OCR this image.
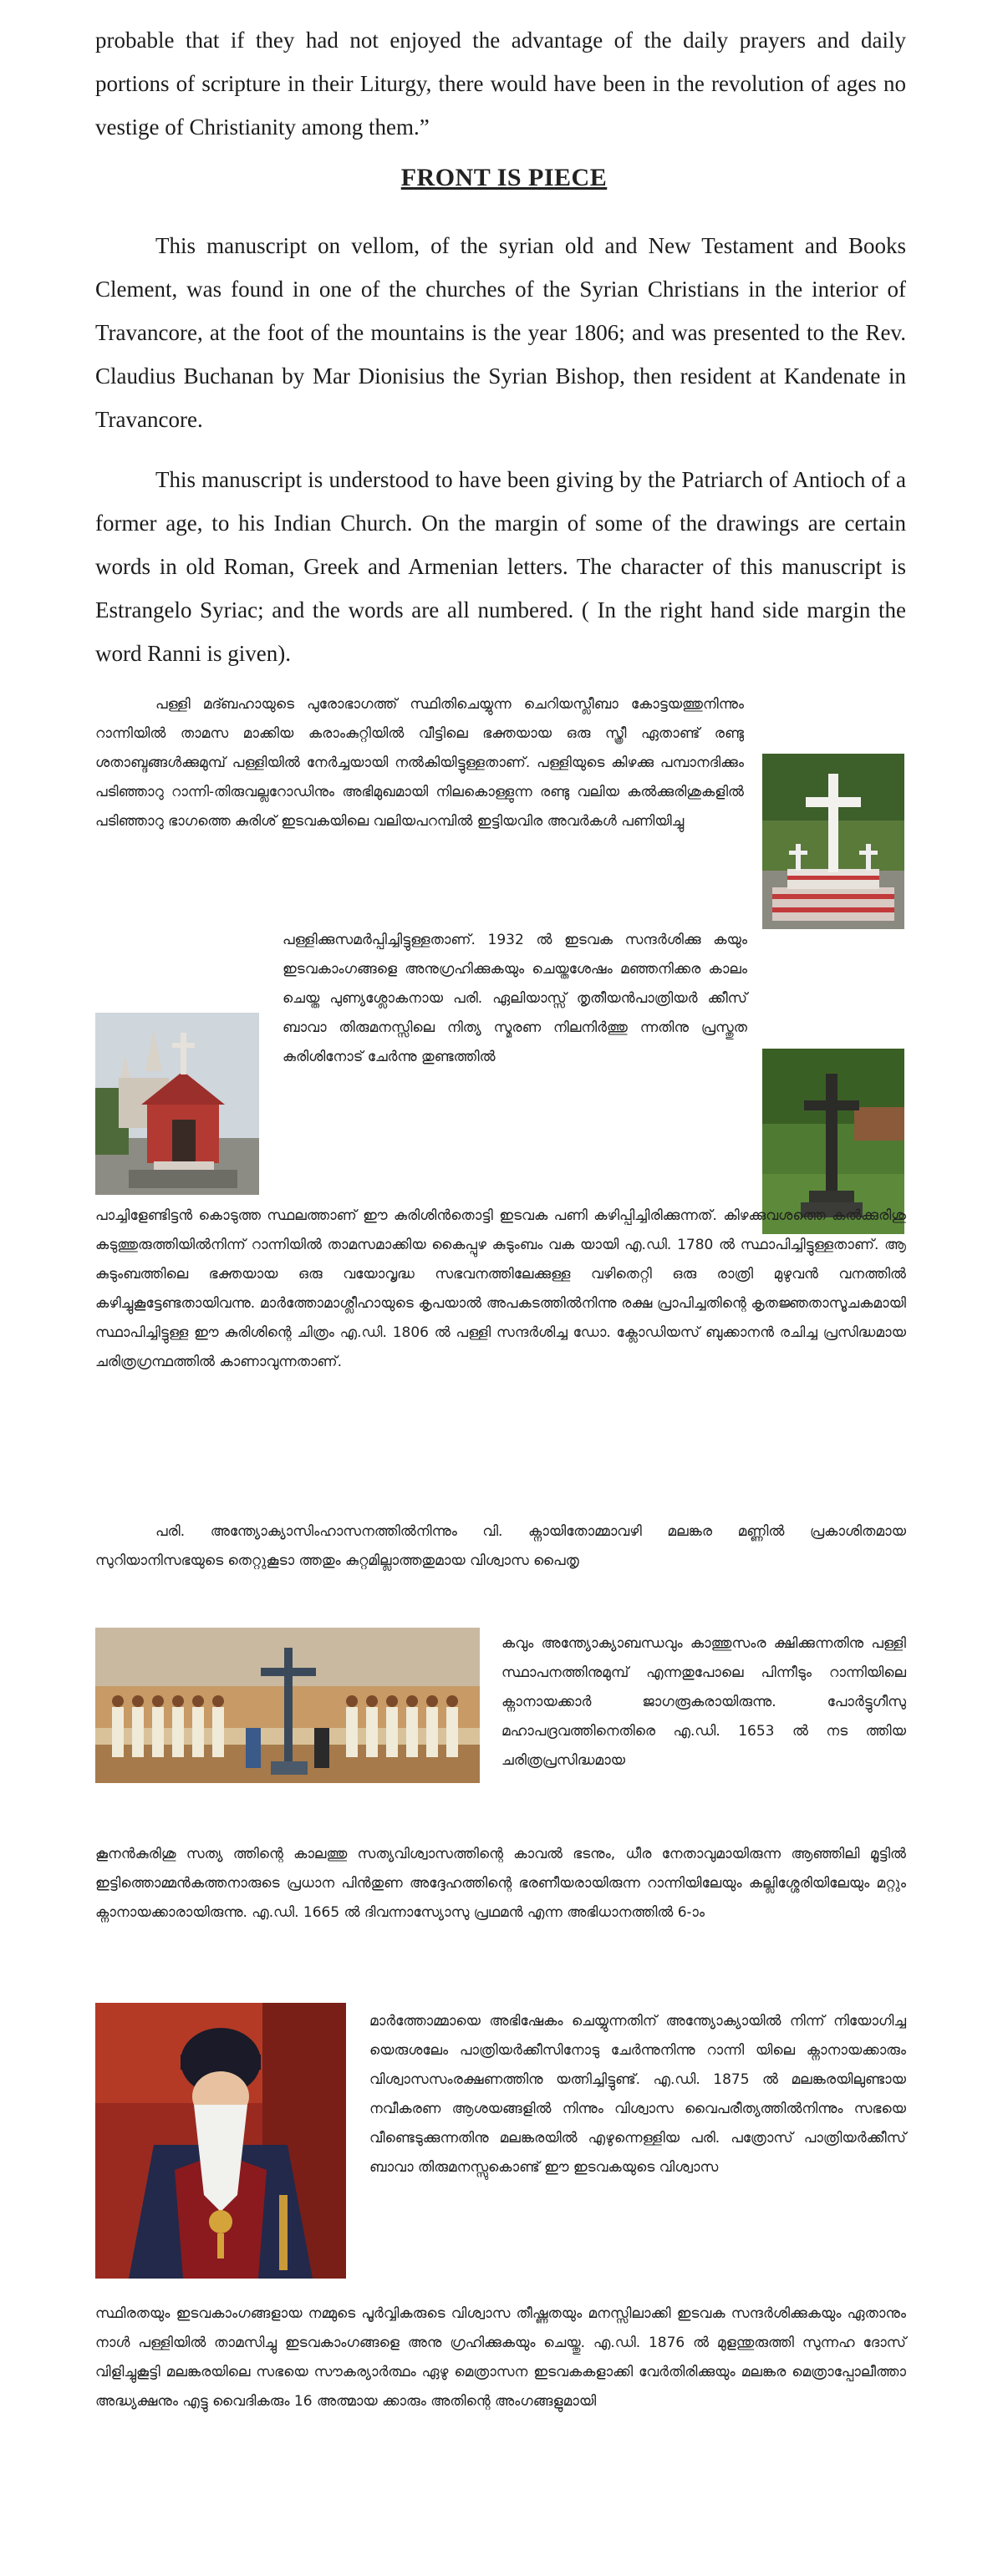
probable that if they had not enjoyed the advantage of the daily prayers and daily portions of scripture in their Liturgy, there would have been in the revolution of ages no vestige of Christianity among them.”

FRONT IS PIECE

This manuscript on vellom, of the syrian old and New Testament and Books Clement, was found in one of the churches of the Syrian Christians in the interior of Travancore, at the foot of the mountains is the year 1806; and was presented to the Rev. Claudius Buchanan by Mar Dionisius the Syrian Bishop, then resident at Kandenate in Travancore.

This manuscript is understood to have been giving by the Patriarch of Antioch of a former age, to his Indian Church. On the margin of some of the drawings are certain words in old Roman, Greek and Armenian letters. The character of this manuscript is Estrangelo Syriac; and the words are all numbered. ( In the right hand side margin the word Ranni is given).

പള്ളി മദ്ബഹായുടെ പുരോഭാഗത്ത് സ്ഥിതിചെയ്യുന്ന ചെറിയസ്ലീബാ കോട്ടയത്തുനിന്നും റാന്നിയിൽ താമസ മാക്കിയ കരാംകുറ്റിയിൽ വീട്ടിലെ ഭക്തയായ ഒരു സ്ത്രീ ഏതാണ്ട് രണ്ടു ശതാബ്ദങ്ങൾക്കുമുമ്പ് പള്ളിയിൽ നേർച്ചയായി നൽകിയിട്ടുള്ളതാണ്. പള്ളിയുടെ കിഴക്കു പമ്പാനദിക്കും പടിഞ്ഞാറു റാന്നി-തിരുവല്ലറോഡിനും അഭിമുഖമായി നിലകൊള്ളുന്ന രണ്ടു വലിയ കൽക്കുരിശുകളിൽ പടിഞ്ഞാറു ഭാഗത്തെ കുരിശ് ഇടവകയിലെ വലിയപറമ്പിൽ ഇട്ടിയവിര അവർകൾ പണിയിച്ചു

പള്ളിക്കുസമർപ്പിച്ചിട്ടുള്ളതാണ്. 1932 ൽ ഇടവക സന്ദർശിക്കു കയും ഇടവകാംഗങ്ങളെ അനുഗ്രഹിക്കുകയും ചെയ്തശേഷം മഞ്ഞനിക്കര കാലം ചെയ്ത പുണ്യശ്ലോകനായ പരി. ഏലിയാസ്സ് തൃതീയൻപാത്രിയർ ക്കീസ് ബാവാ തിരുമനസ്സിലെ നിത്യ സ്മരണ നിലനിർത്തു ന്നതിനു പ്രസ്തുത കുരിശിനോട് ചേർന്നു തുണ്ടത്തിൽ

പാച്ചിളേണ്ടിട്ടൻ കൊടുത്ത സ്ഥലത്താണ് ഈ കുരിശിൻതൊട്ടി ഇടവക പണി കഴിപ്പിച്ചിരിക്കുന്നത്. കിഴക്കുവശത്തെ കൽക്കുരിശു കടുത്തുരുത്തിയിൽനിന്ന് റാന്നിയിൽ താമസമാക്കിയ കൈപ്പുഴ കുടുംബം വക യായി എ.ഡി. 1780 ൽ സ്ഥാപിച്ചിട്ടുള്ളതാണ്. ആ കുടുംബത്തിലെ ഭക്തയായ ഒരു വയോവൃദ്ധ സഭവനത്തിലേക്കുള്ള വഴിതെറ്റി ഒരു രാത്രി മുഴുവൻ വനത്തിൽ കഴിച്ചുകൂട്ടേണ്ടതായിവന്നു. മാർത്തോമാശ്ലീഹായുടെ കൃപയാൽ അപകടത്തിൽനിന്നു രക്ഷ പ്രാപിച്ചതിന്റെ കൃതജ്ഞതാസൂചകമായി സ്ഥാപിച്ചിട്ടുള്ള ഈ കുരിശിന്റെ ചിത്രം എ.ഡി. 1806 ൽ പള്ളി സന്ദർശിച്ച ഡോ. ക്ലോഡിയസ് ബുക്കാനൻ രചിച്ച പ്രസിദ്ധമായ ചരിത്രഗ്രന്ഥത്തിൽ കാണാവുന്നതാണ്.

പരി. അന്ത്യോക്യാസിംഹാസനത്തിൽനിന്നും വി. ക്നായിതോമ്മാവഴി മലങ്കര മണ്ണിൽ പ്രകാശിതമായ സുറിയാനിസഭയുടെ തെറ്റുകൂടാ ത്തതും കുറ്റമില്ലാത്തതുമായ വിശ്വാസ പൈതൃ

കവും അന്ത്യോക്യാബന്ധവും കാത്തുസംര ക്ഷിക്കുന്നതിനു പള്ളി സ്ഥാപനത്തിനുമുമ്പ് എന്നതുപോലെ പിന്നീടും റാന്നിയിലെ ക്നാനായക്കാർ ജാഗരൂകരായിരുന്നു. പോർട്ടുഗീസു മഹാപദ്രവത്തിനെതിരെ എ.ഡി. 1653 ൽ നട ത്തിയ ചരിത്രപ്രസിദ്ധമായ

കൂനൻകുരിശു സത്യ ത്തിന്റെ കാലത്തു സത്യവിശ്വാസത്തിന്റെ കാവൽ ഭടനും, ധീര നേതാവുമായിരുന്ന ആഞ്ഞിലി മൂട്ടിൽ ഇട്ടിത്തൊമ്മൻകത്തനാരുടെ പ്രധാന പിൻതുണ അദ്ദേഹത്തിന്റെ ഭരണീയരായിരുന്ന റാന്നിയിലേയും കല്ലിശ്ശേരിയിലേയും മറ്റും ക്നാനായക്കാരായിരുന്നു. എ.ഡി. 1665 ൽ ദിവന്നാസ്യോസു പ്രഥമൻ എന്ന അഭിധാനത്തിൽ 6-ാം

മാർത്തോമ്മായെ അഭിഷേകം ചെയ്യുന്നതിന് അന്ത്യോക്യായിൽ നിന്ന് നിയോഗിച്ച യെരുശലേം പാത്രിയർക്കീസിനോടു ചേർന്നുനിന്നു റാന്നി യിലെ ക്നാനായക്കാരും വിശ്വാസസംരക്ഷണത്തിനു യത്നിച്ചിട്ടുണ്ട്. എ.ഡി. 1875 ൽ മലങ്കരയിലുണ്ടായ നവീകരണ ആശയങ്ങളിൽ നിന്നും വിശ്വാസ വൈപരീത്യത്തിൽനിന്നും സഭയെ വീണ്ടെടുക്കുന്നതിനു മലങ്കരയിൽ എഴുന്നെള്ളിയ പരി. പത്രോസ് പാത്രിയർക്കീസ് ബാവാ തിരുമനസ്സുകൊണ്ട് ഈ ഇടവകയുടെ വിശ്വാസ

സ്ഥിരതയും ഇടവകാംഗങ്ങളായ നമ്മുടെ പൂർവ്വികരുടെ വിശ്വാസ തീഷ്ണതയും മനസ്സിലാക്കി ഇടവക സന്ദർശിക്കുകയും ഏതാനും നാൾ പള്ളിയിൽ താമസിച്ചു ഇടവകാംഗങ്ങളെ അനു ഗ്രഹിക്കുകയും ചെയ്തു. എ.ഡി. 1876 ൽ മുളന്തുരുത്തി സുന്നഹ ദോസ് വിളിച്ചുകൂട്ടി മലങ്കരയിലെ സഭയെ സൗകര്യാർത്ഥം ഏഴു മെത്രാസന ഇടവകകളാക്കി വേർതിരിക്കുയും മലങ്കര മെത്രാപ്പോലീത്താ അദ്ധ്യക്ഷനും എട്ടു വൈദികരും 16 അത്മായ ക്കാരും അതിന്റെ അംഗങ്ങളുമായി
